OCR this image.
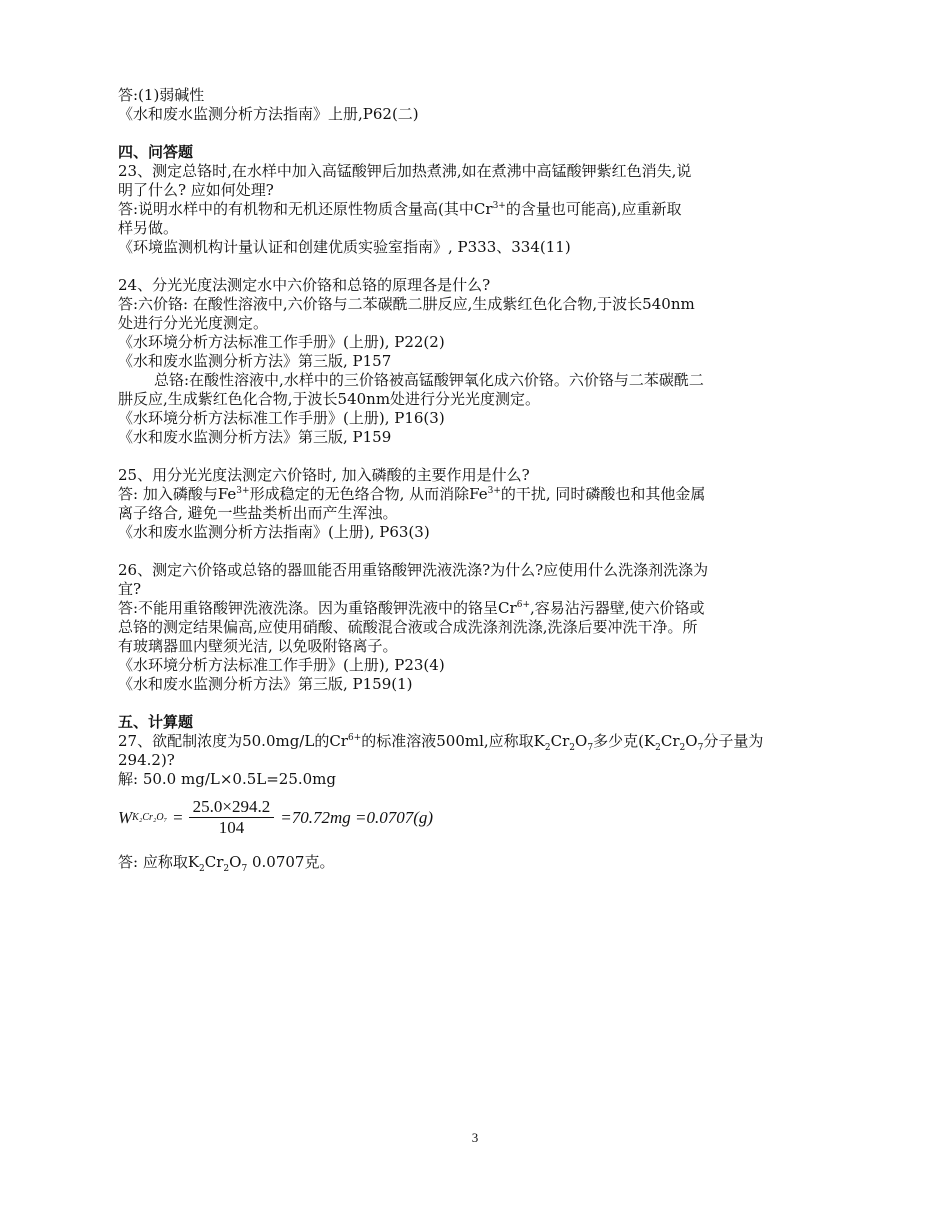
答:(1)弱碱性

《水和废水监测分析方法指南》上册,P62(二)

四、问答题

23、测定总铬时,在水样中加入高锰酸钾后加热煮沸,如在煮沸中高锰酸钾紫红色消失,说

明了什么? 应如何处理?

答:说明水样中的有机物和无机还原性物质含量高(其中$Cr^{3+}$的含量也可能高),应重新取

样另做。

《环境监测机构计量认证和创建优质实验室指南》, P333、334(11)

24、分光光度法测定水中六价铬和总铬的原理各是什么?

答:六价铬: 在酸性溶液中,六价铬与二苯碳酰二肼反应,生成紫红色化合物,于波长540nm

处进行分光光度测定。

《水环境分析方法标准工作手册》(上册), P22(2)

《水和废水监测分析方法》第三版, P157

总铬:在酸性溶液中,水样中的三价铬被高锰酸钾氧化成六价铬。六价铬与二苯碳酰二

肼反应,生成紫红色化合物,于波长540nm处进行分光光度测定。

《水环境分析方法标准工作手册》(上册), P16(3)

《水和废水监测分析方法》第三版, P159

25、用分光光度法测定六价铬时, 加入磷酸的主要作用是什么?

答: 加入磷酸与$Fe^{3+}$形成稳定的无色络合物, 从而消除$Fe^{3+}$的干扰, 同时磷酸也和其他金属

离子络合, 避免一些盐类析出而产生浑浊。

《水和废水监测分析方法指南》(上册), P63(3)

26、测定六价铬或总铬的器皿能否用重铬酸钾洗液洗涤?为什么?应使用什么洗涤剂洗涤为

宜?

答:不能用重铬酸钾洗液洗涤。因为重铬酸钾洗液中的铬呈$Cr^{6+}$,容易沾污器壁,使六价铬或

总铬的测定结果偏高,应使用硝酸、硫酸混合液或合成洗涤剂洗涤,洗涤后要冲洗干净。所

有玻璃器皿内壁须光洁, 以免吸附铬离子。

《水环境分析方法标准工作手册》(上册), P23(4)

《水和废水监测分析方法》第三版, P159(1)

五、计算题

27、欲配制浓度为50.0mg/L的$Cr^{6+}$的标准溶液500ml,应称取$K_2Cr_2O_7$多少克($K_2Cr_2O_7$分子量为

294.2)?

解: 50.0 mg/L×0.5L=25.0mg

W $K_2Cr_2O_7 = \frac{25.0\times 294.2}{104} =70.72mg =0.0707(g)$

答: 应称取$K_2Cr_2O_7$ 0.0707克。

3
